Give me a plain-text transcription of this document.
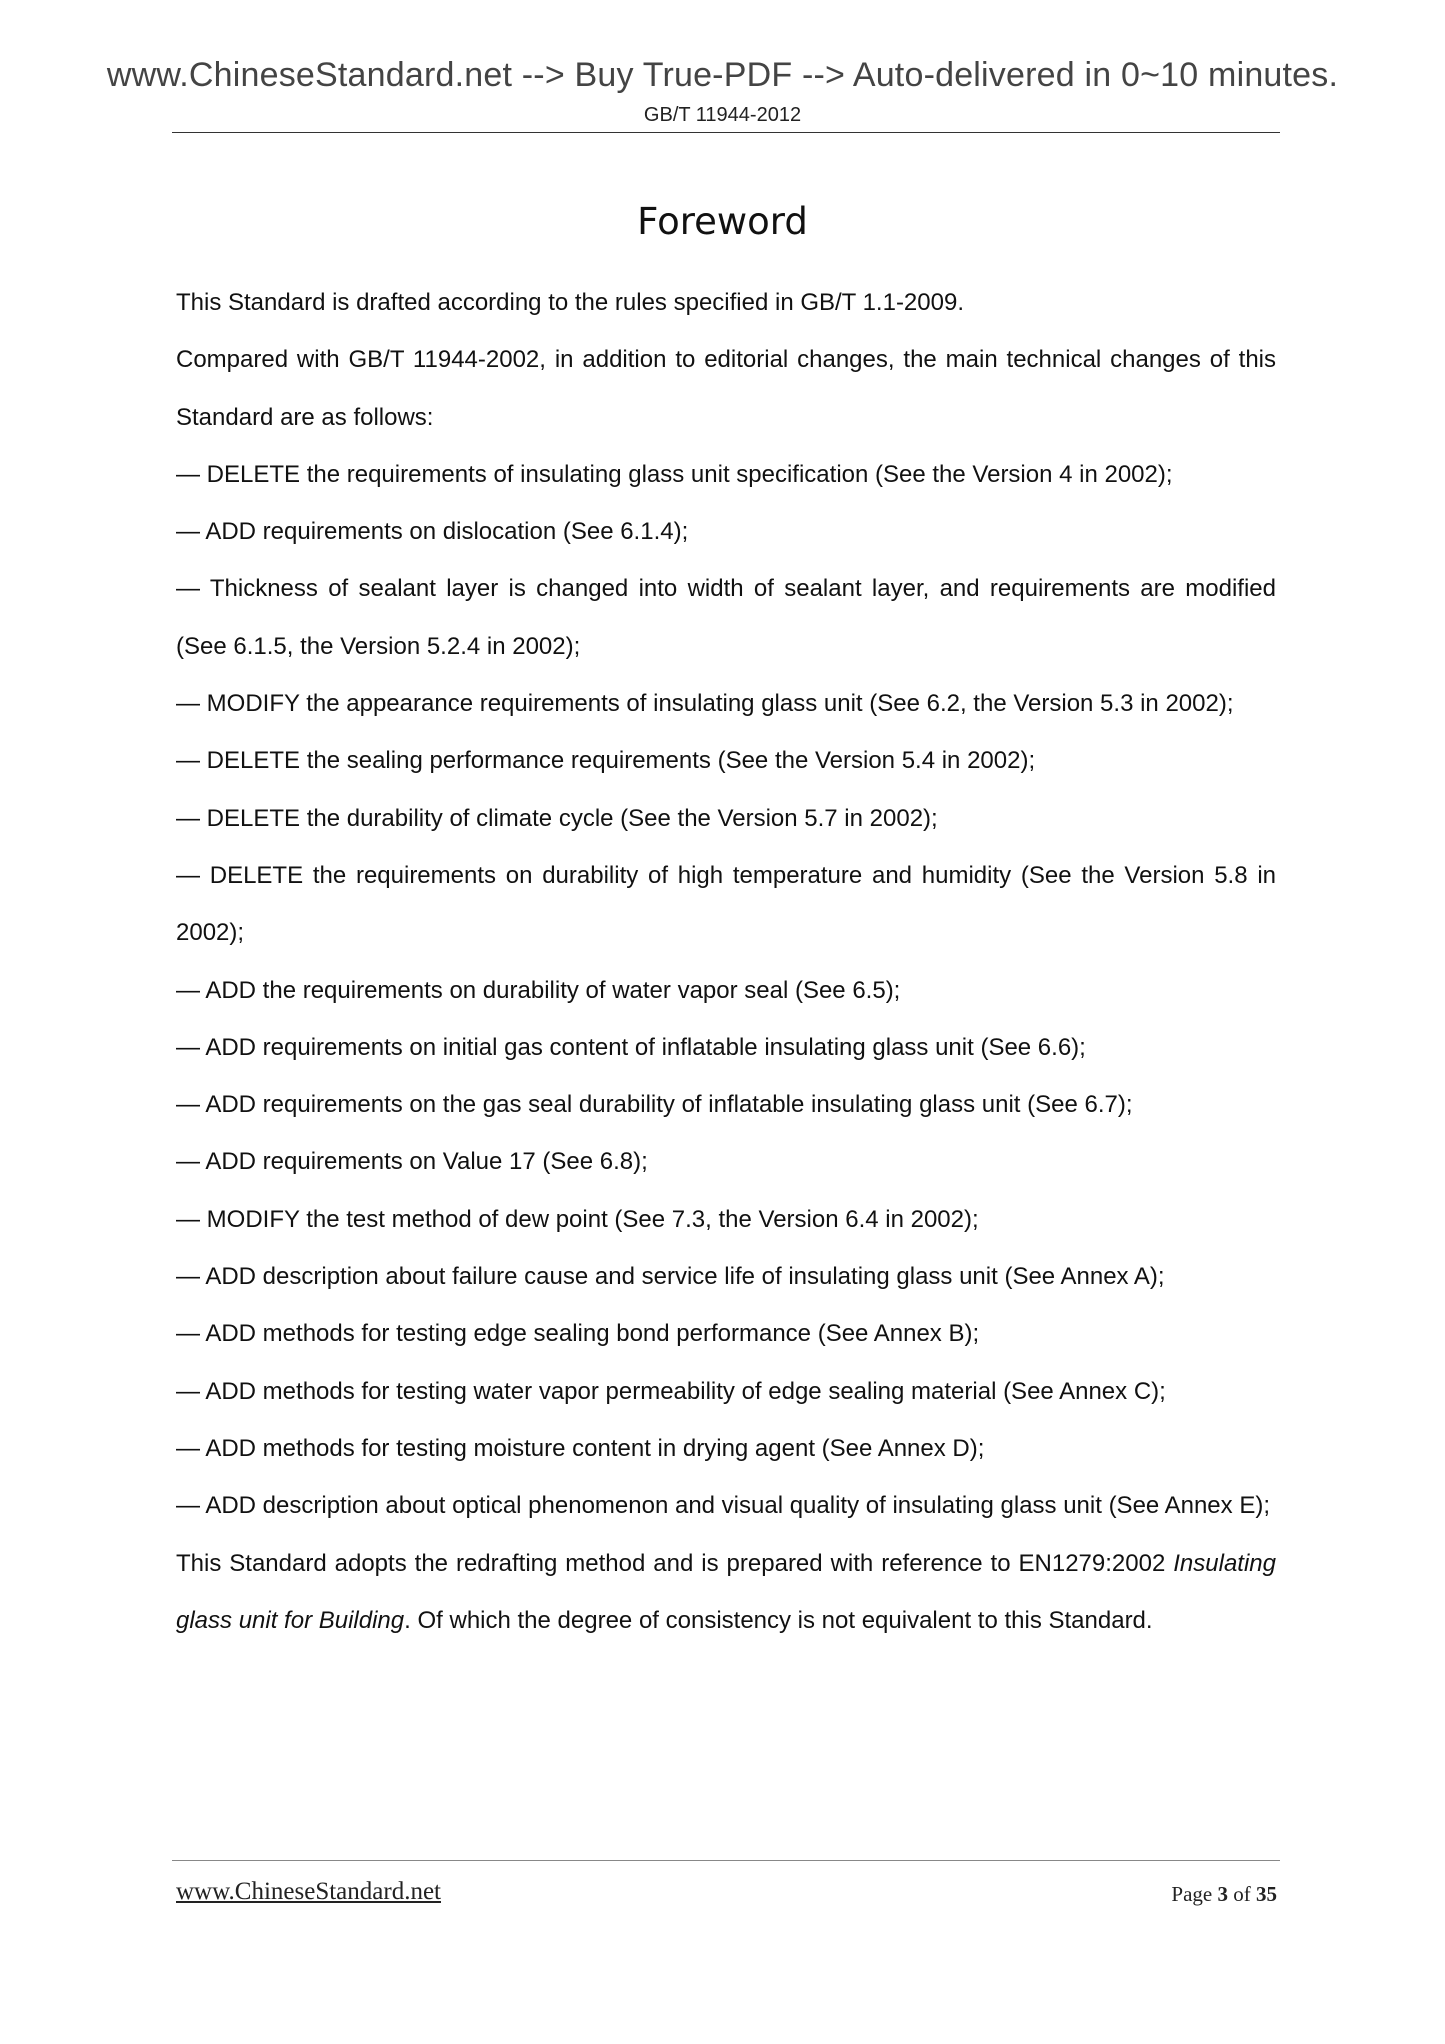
www.ChineseStandard.net --> Buy True-PDF --> Auto-delivered in 0~10 minutes.
GB/T 11944-2012
Foreword

This Standard is drafted according to the rules specified in GB/T 1.1-2009.

Compared with GB/T 11944-2002, in addition to editorial changes, the main technical changes of this Standard are as follows:

— DELETE the requirements of insulating glass unit specification (See the Version 4 in 2002);

— ADD requirements on dislocation (See 6.1.4);

— Thickness of sealant layer is changed into width of sealant layer, and requirements are modified (See 6.1.5, the Version 5.2.4 in 2002);

— MODIFY the appearance requirements of insulating glass unit (See 6.2, the Version 5.3 in 2002);

— DELETE the sealing performance requirements (See the Version 5.4 in 2002);

— DELETE the durability of climate cycle (See the Version 5.7 in 2002);

— DELETE the requirements on durability of high temperature and humidity (See the Version 5.8 in 2002);

— ADD the requirements on durability of water vapor seal (See 6.5);

— ADD requirements on initial gas content of inflatable insulating glass unit (See 6.6);

— ADD requirements on the gas seal durability of inflatable insulating glass unit (See 6.7);

— ADD requirements on Value 17 (See 6.8);

— MODIFY the test method of dew point (See 7.3, the Version 6.4 in 2002);

— ADD description about failure cause and service life of insulating glass unit (See Annex A);

— ADD methods for testing edge sealing bond performance (See Annex B);

— ADD methods for testing water vapor permeability of edge sealing material (See Annex C);

— ADD methods for testing moisture content in drying agent (See Annex D);

— ADD description about optical phenomenon and visual quality of insulating glass unit (See Annex E);

This Standard adopts the redrafting method and is prepared with reference to EN1279:2002 Insulating glass unit for Building. Of which the degree of consistency is not equivalent to this Standard.

www.ChineseStandard.net	Page 3 of 35
